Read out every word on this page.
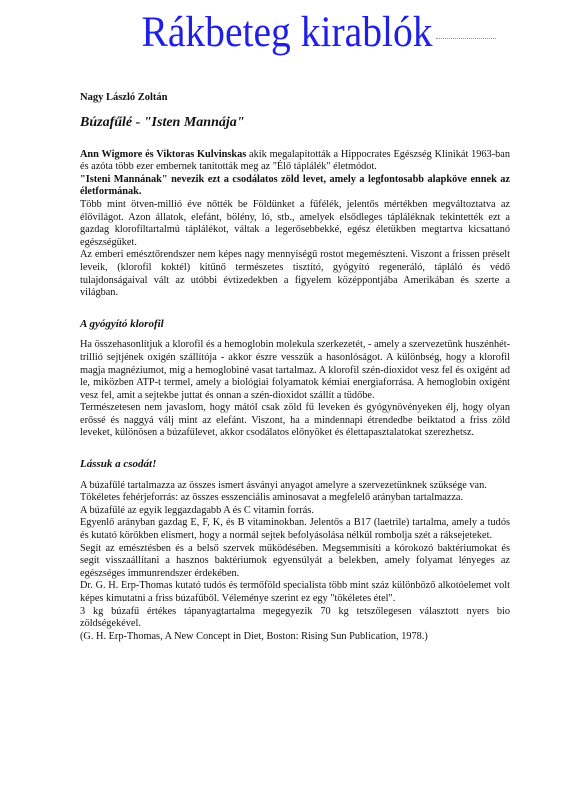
Rákbeteg kirablók
Nagy László Zoltán
Búzafűlé - "Isten Mannája"

Ann Wigmore és Viktoras Kulvinskas akik megalapították a Hippocrates Egészség Klinikát 1963-ban és azóta több ezer embernek tanították meg az "Élő táplálék" életmódot.

"Isteni Mannának" nevezik ezt a csodálatos zöld levet, amely a legfontosabb alapköve ennek az életformának.

Több mint ötven-millió éve nőtték be Földünket a fűfélék, jelentős mértékben megváltoztatva az élővilágot. Azon állatok, elefánt, bölény, ló, stb., amelyek elsődleges tápláléknak tekintették ezt a gazdag klorofiltartalmú táplálékot, váltak a legerősebbekké, egész életükben megtartva kicsattanó egészségüket.

Az emberi emésztőrendszer nem képes nagy mennyiségű rostot megemészteni. Viszont a frissen préselt leveik, (klorofil koktél) kitűnő természetes tisztító, gyógyító regeneráló, tápláló és védő tulajdonságaival vált az utóbbi évtizedekben a figyelem középpontjába Amerikában és szerte a világban.

A gyógyító klorofil

Ha összehasonlítjuk a klorofil és a hemoglobin molekula szerkezetét, - amely a szervezetünk huszénhét-trillió sejtjének oxigén szállítója - akkor észre vesszük a hasonlóságot. A különbség, hogy a klorofil magja magnéziumot, mig a hemoglobiné vasat tartalmaz. A klorofil szén-dioxidot vesz fel és oxigént ad le, miközben ATP-t termel, amely a biológiai folyamatok kémiai energiaforrása. A hemoglobin oxigént vesz fel, amit a sejtekbe juttat és onnan a szén-dioxidot szállít a tüdőbe.

Természetesen nem javaslom, hogy mától csak zöld fű leveken és gyógynövényeken élj, hogy olyan erőssé és naggyá válj mint az elefánt. Viszont, ha a mindennapi étrendedbe beiktatod a friss zöld leveket, különösen a búzafűlevet, akkor csodálatos előnyöket és élettapasztalatokat szerezhetsz.

Lássuk a csodát!

A búzafűlé tartalmazza az összes ismert ásványi anyagot amelyre a szervezetünknek szüksége van.

Tökéletes fehérjeforrás: az összes esszenciális aminosavat a megfelelő arányban tartalmazza.

A búzafűlé az egyik leggazdagabb A és C vitamin forrás.

Egyenlő arányban gazdag E, F, K, és B vitaminokban. Jelentős a B17 (laetrile) tartalma, amely a tudós és kutató körökben elismert, hogy a normál sejtek befolyásolása nélkül rombolja szét a ráksejeteket.

Segít az emésztésben és a belső szervek működésében. Megsemmisíti a kórokozó baktériumokat és segít visszaállítani a hasznos baktériumok egyensúlyát a belekben, amely folyamat lényeges az egészséges immunrendszer érdekében.

Dr. G. H. Erp-Thomas kutató tudós és termőföld specialista több mint száz különböző alkotóelemet volt képes kimutatni a friss búzafűből. Véleménye szerint ez egy "tökéletes étel".

3 kg búzafű értékes tápanyagtartalma megegyezik 70 kg tetszőlegesen választott nyers bio zöldségekével.

(G. H. Erp-Thomas, A New Concept in Diet, Boston: Rising Sun Publication, 1978.)
